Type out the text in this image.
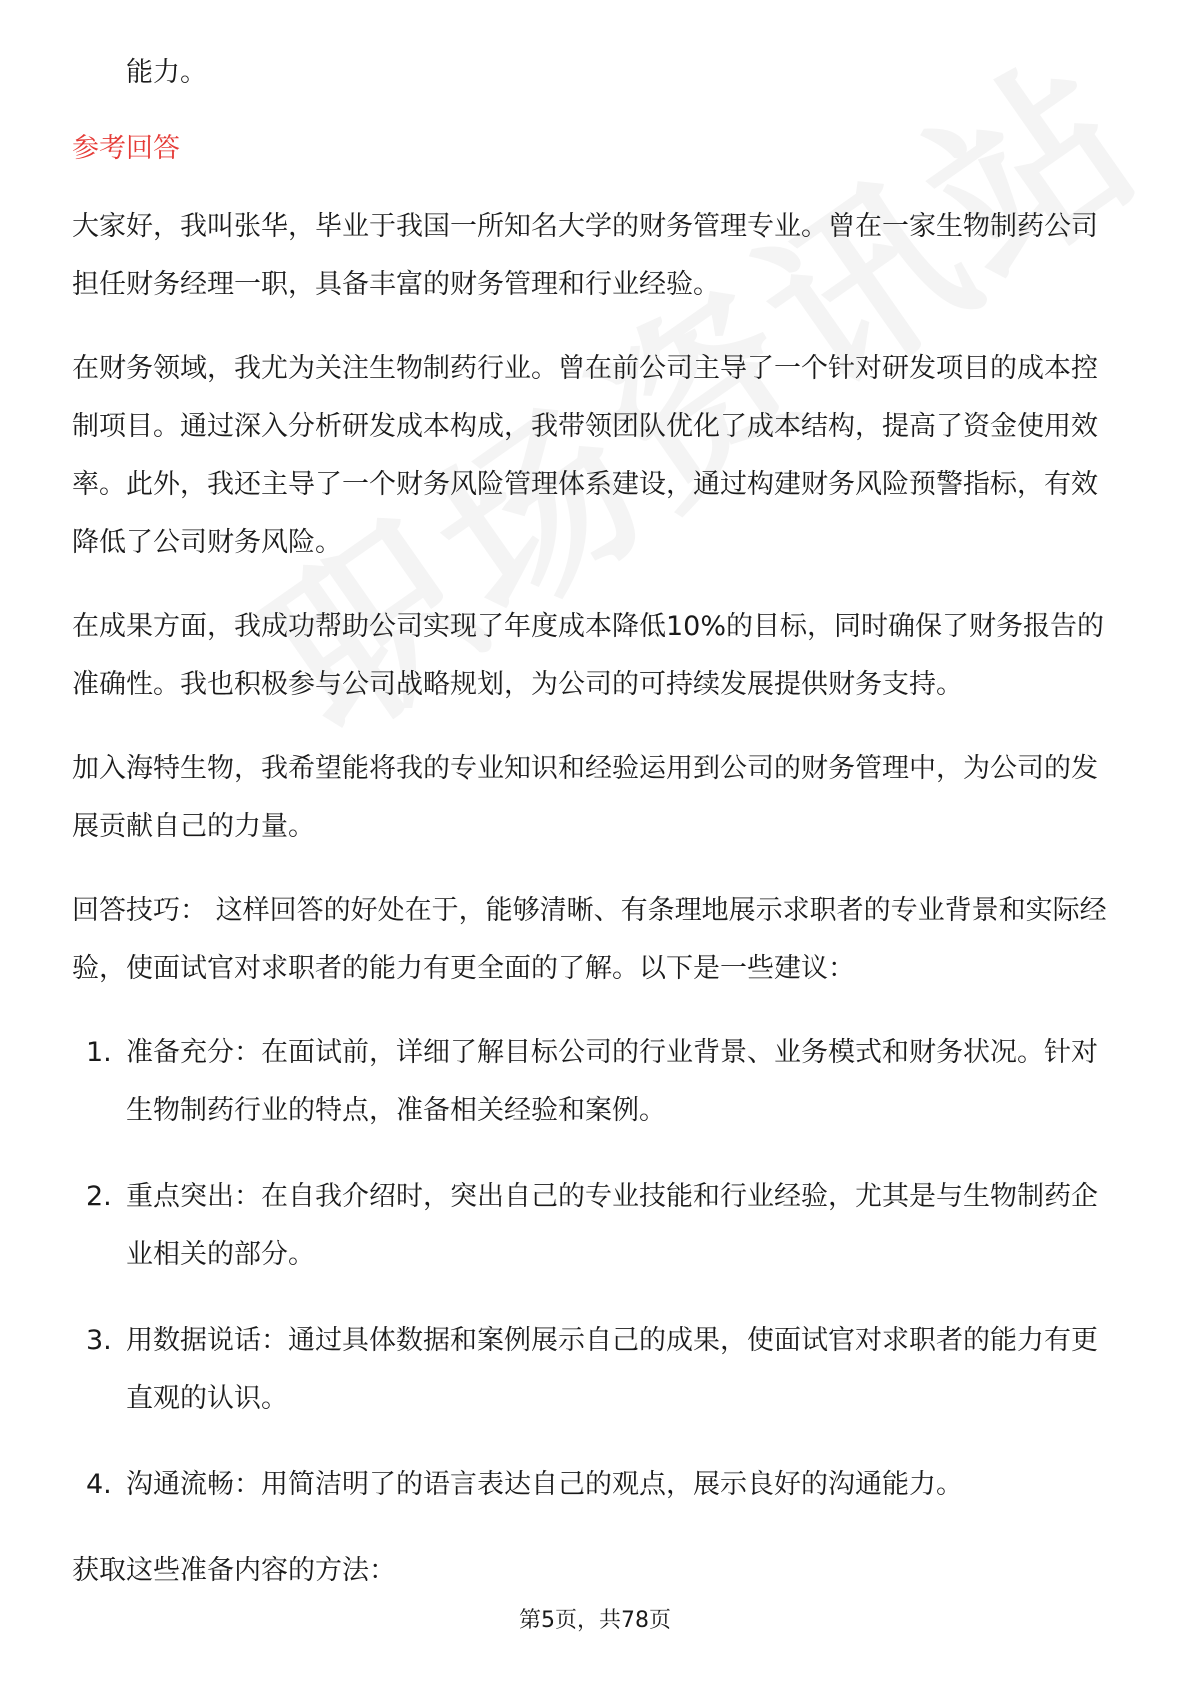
能力。

参考回答

大家好，我叫张华，毕业于我国一所知名大学的财务管理专业。曾在一家生物制药公司担任财务经理一职，具备丰富的财务管理和行业经验。

在财务领域，我尤为关注生物制药行业。曾在前公司主导了一个针对研发项目的成本控制项目。通过深入分析研发成本构成，我带领团队优化了成本结构，提高了资金使用效率。此外，我还主导了一个财务风险管理体系建设，通过构建财务风险预警指标，有效降低了公司财务风险。

在成果方面，我成功帮助公司实现了年度成本降低10%的目标，同时确保了财务报告的准确性。我也积极参与公司战略规划，为公司的可持续发展提供财务支持。

加入海特生物，我希望能将我的专业知识和经验运用到公司的财务管理中，为公司的发展贡献自己的力量。

回答技巧： 这样回答的好处在于，能够清晰、有条理地展示求职者的专业背景和实际经验，使面试官对求职者的能力有更全面的了解。以下是一些建议：

1. 准备充分：在面试前，详细了解目标公司的行业背景、业务模式和财务状况。针对生物制药行业的特点，准备相关经验和案例。
2. 重点突出：在自我介绍时，突出自己的专业技能和行业经验，尤其是与生物制药企业相关的部分。
3. 用数据说话：通过具体数据和案例展示自己的成果，使面试官对求职者的能力有更直观的认识。
4. 沟通流畅：用简洁明了的语言表达自己的观点，展示良好的沟通能力。

获取这些准备内容的方法：

第5页，共78页
